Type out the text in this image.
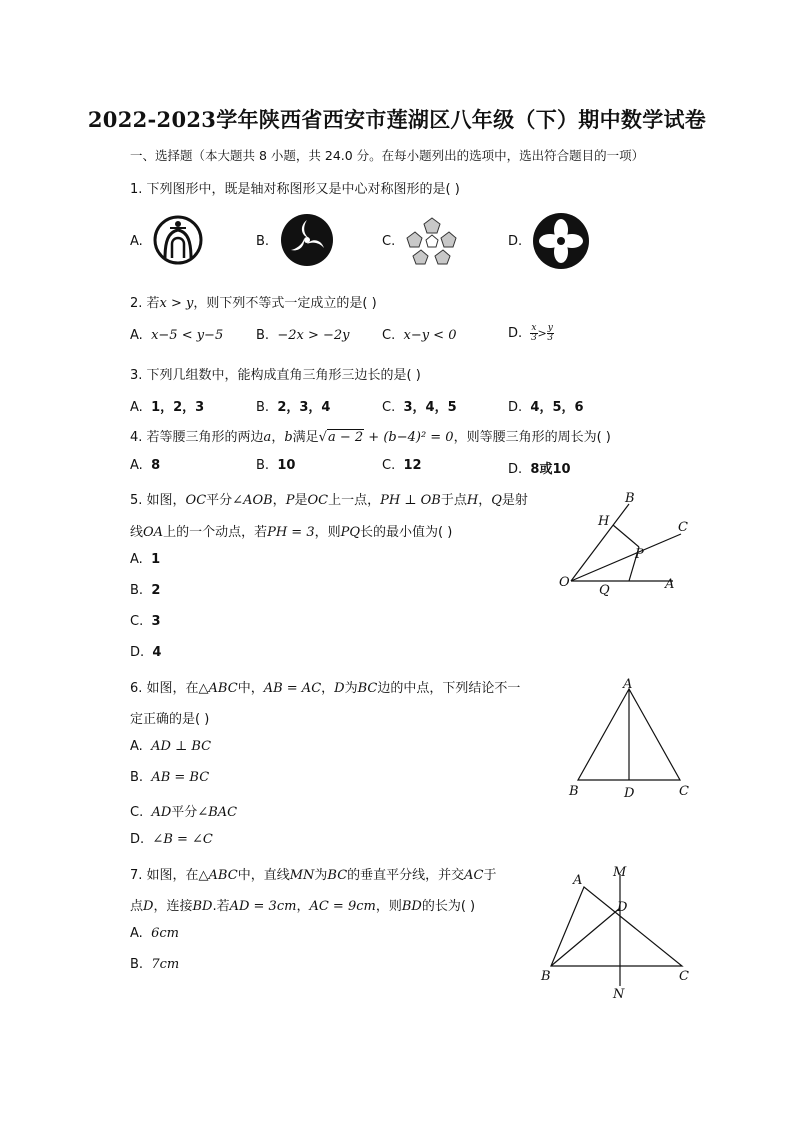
2022-2023学年陕西省西安市莲湖区八年级（下）期中数学试卷
一、选择题（本大题共 8 小题，共 24.0 分。在每小题列出的选项中，选出符合题目的一项）
1. 下列图形中，既是轴对称图形又是中心对称图形的是( )
A.	B.	C.	D.
2. 若x > y，则下列不等式一定成立的是( )
A. x−5 < y−5	B. −2x > −2y	C. x−y < 0	D. $\frac{x}{3} > \frac{y}{3}$
3. 下列几组数中，能构成直角三角形三边长的是( )
A. 1，2，3	B. 2，3，4	C. 3，4，5	D. 4，5，6
4. 若等腰三角形的两边a，b满足√a − 2 + (b−4)² = 0，则等腰三角形的周长为( )
A. 8	B. 10	C. 12	D. 8或10
5. 如图，OC平分∠AOB，P是OC上一点，PH ⊥ OB于点H，Q是射
线OA上的一个动点，若PH = 3，则PQ长的最小值为( )
A. 1
B. 2
C. 3
D. 4
B
H	C
P
O
Q	A
6. 如图，在△ABC中，AB = AC，D为BC边的中点，下列结论不一
定正确的是( )
A. AD ⊥ BC
B. AB = BC
C. AD平分∠BAC
D. ∠B = ∠C
A
B	D	C
7. 如图，在△ABC中，直线MN为BC的垂直平分线，并交AC于
点D，连接BD.若AD = 3cm，AC = 9cm，则BD的长为( )
A. 6cm
B. 7cm
A
M
D
B	C
N
